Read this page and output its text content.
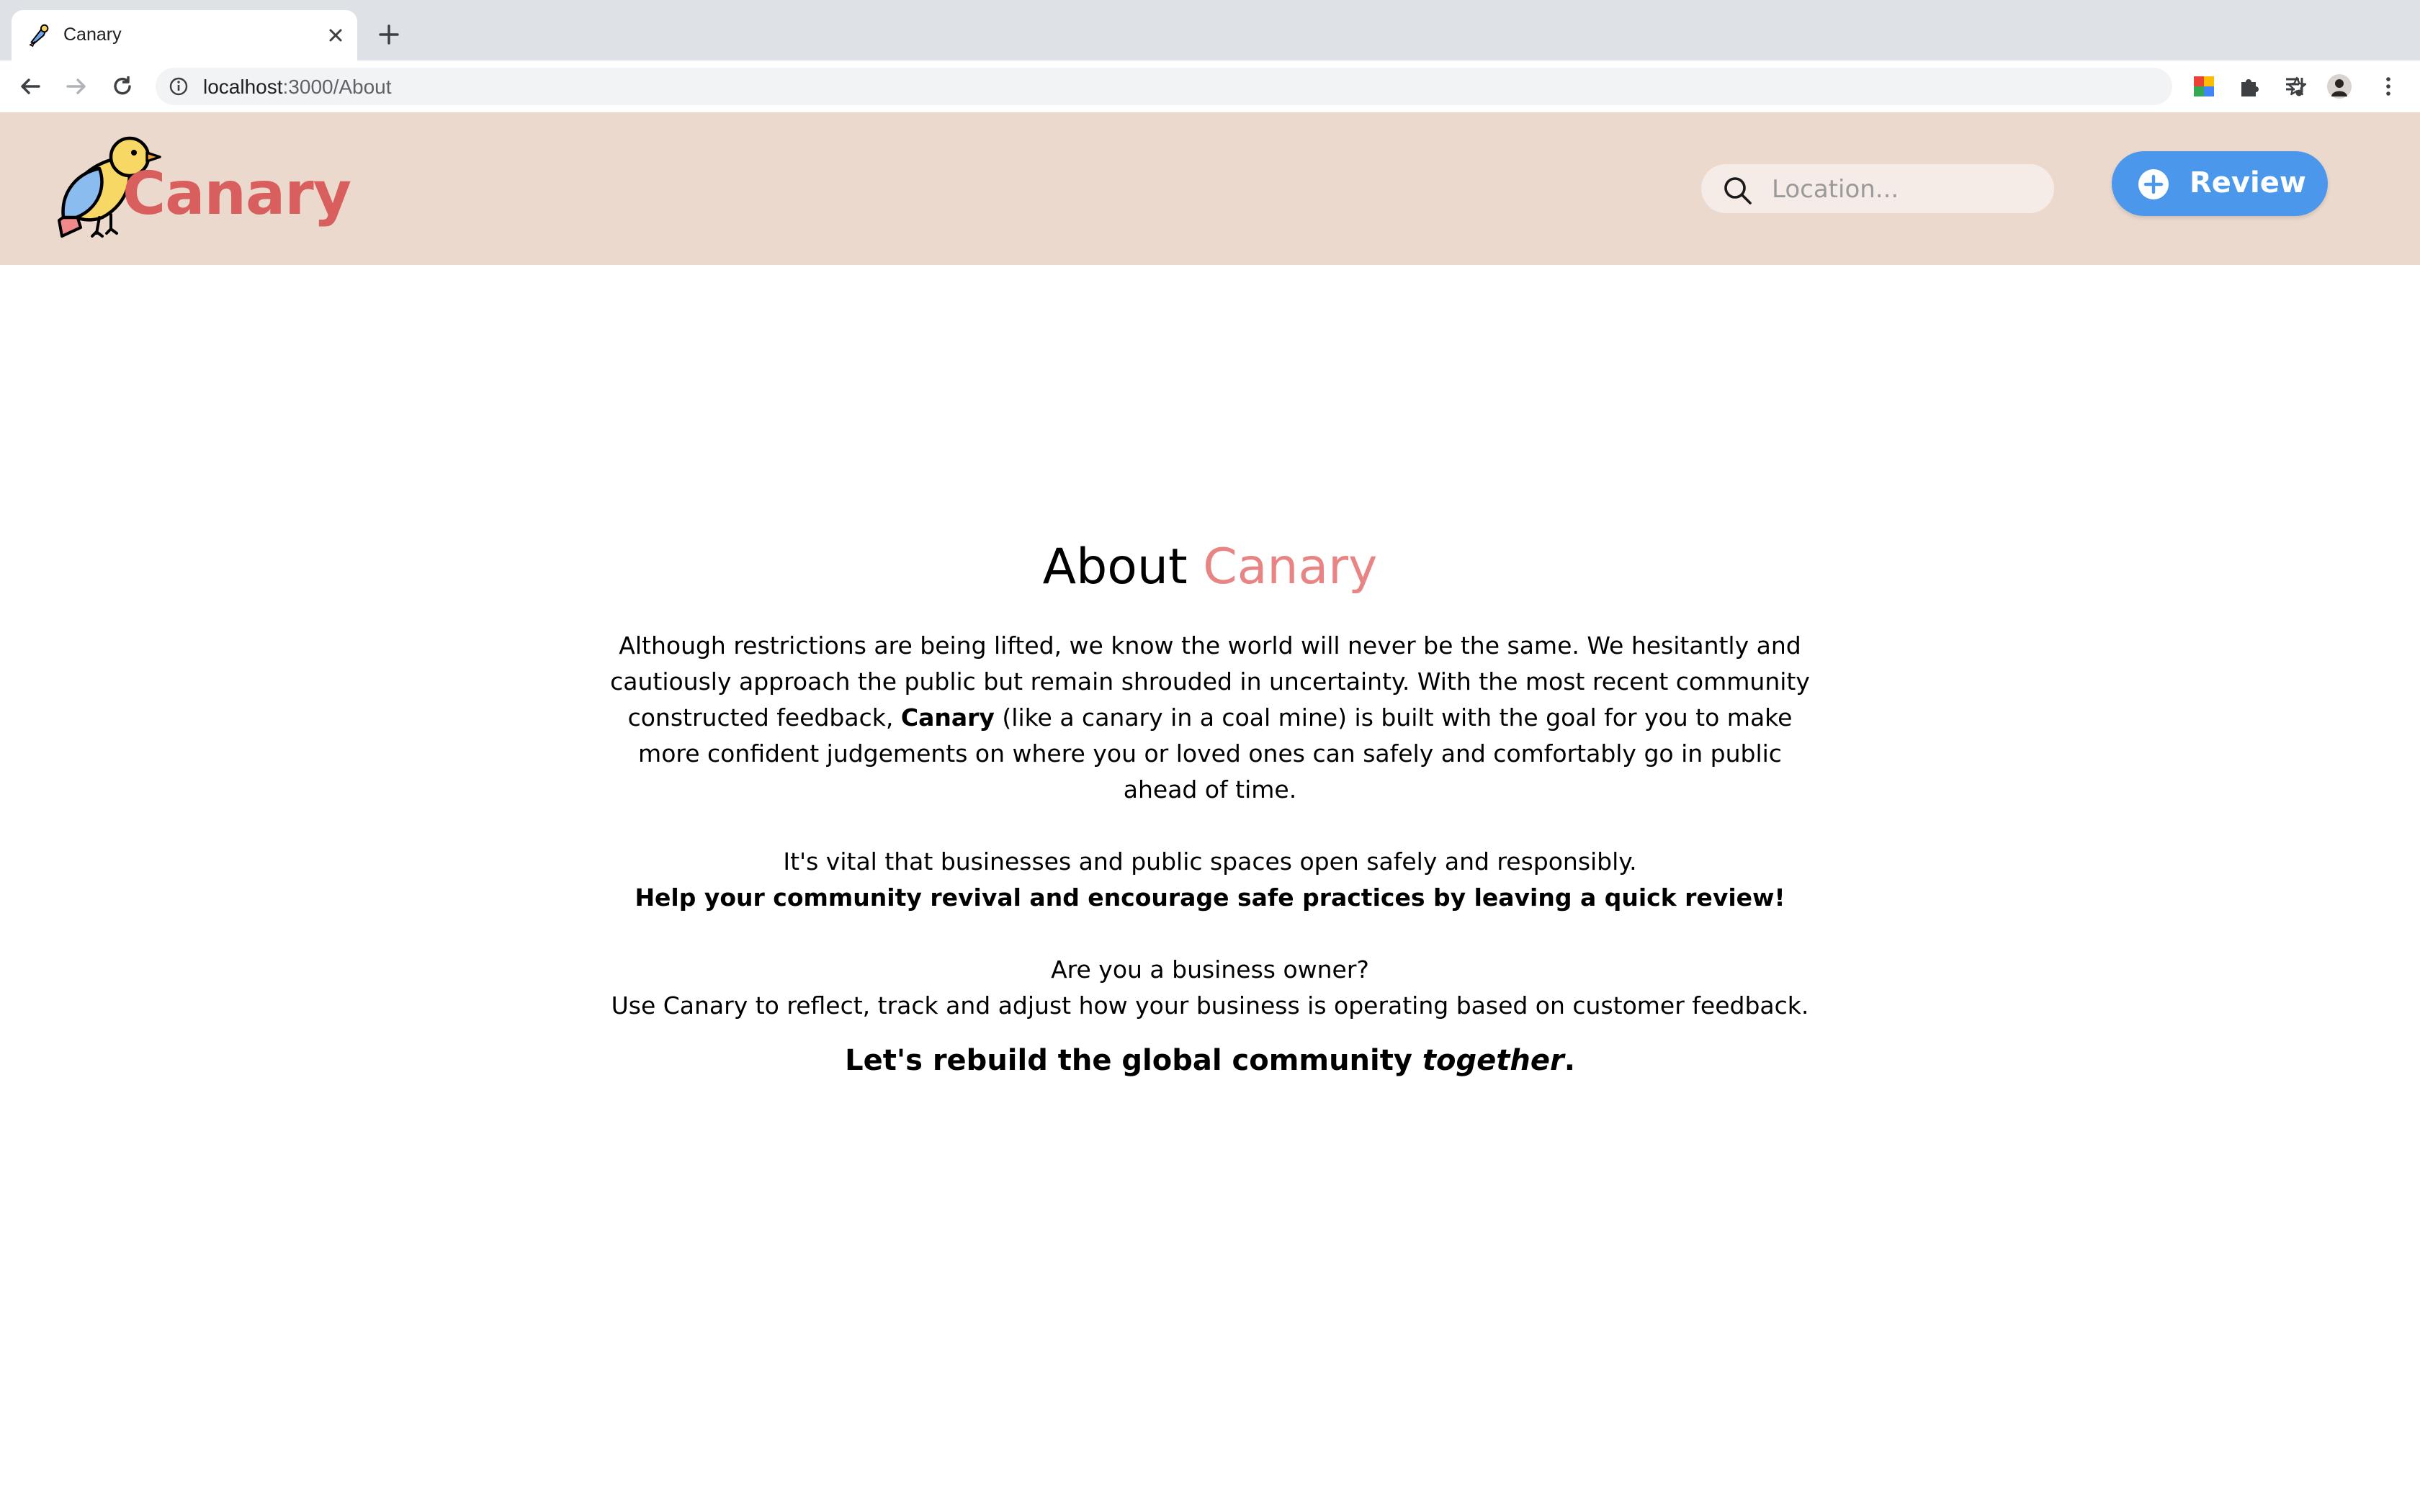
Canary
localhost:3000/About
Canary
Location...	Review
About Canary

Although restrictions are being lifted, we know the world will never be the same. We hesitantly and cautiously approach the public but remain shrouded in uncertainty. With the most recent community constructed feedback, Canary (like a canary in a coal mine) is built with the goal for you to make more confident judgements on where you or loved ones can safely and comfortably go in public ahead of time.

It's vital that businesses and public spaces open safely and responsibly.

Help your community revival and encourage safe practices by leaving a quick review!

Are you a business owner?

Use Canary to reflect, track and adjust how your business is operating based on customer feedback.

Let's rebuild the global community together.
